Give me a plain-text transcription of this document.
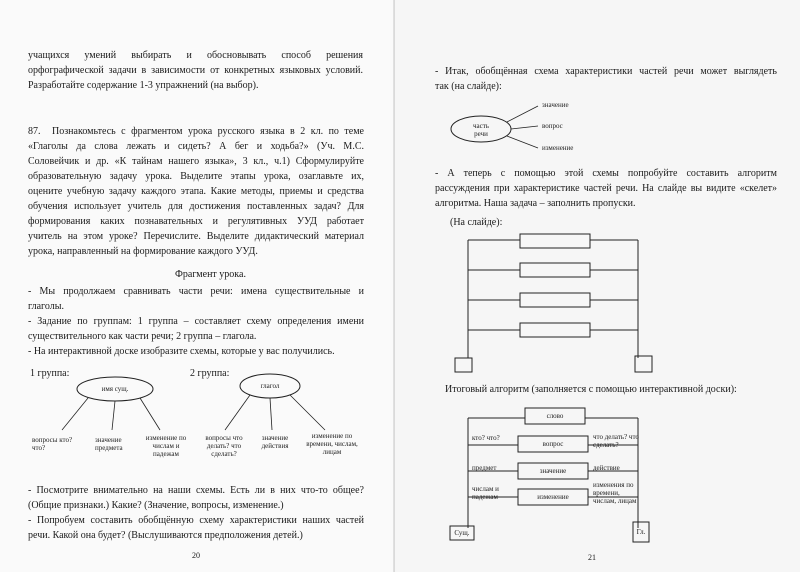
учащихся умений выбирать и обосновывать способ решения
орфографической задачи в зависимости от конкретных языковых условий.
Разработайте содержание 1-3 упражнений (на выбор).
87. Познакомьтесь с фрагментом урока русского языка в 2 кл. по теме
«Глаголы да слова лежать и сидеть? А бег и ходьба?» (Уч. М.С.
Соловейчик и др. «К тайнам нашего языка», 3 кл., ч.1) Сформулируйте
образовательную задачу урока. Выделите этапы урока, озаглавьте их,
оцените учебную задачу каждого этапа. Какие методы, приемы и средства
обучения использует учитель для достижения поставленных задач? Для
формирования каких познавательных и регулятивных УУД работает
учитель на этом уроке? Перечислите. Выделите дидактический материал
урока, направленный на формирование каждого УУД.
Фрагмент урока.
- Мы продолжаем сравнивать части речи: имена существительные и
глаголы.
- Задание по группам: 1 группа – составляет схему определения имени
существительного как части речи; 2 группа – глагола.
- На интерактивной доске изобразите схемы, которые у вас получились.
1 группа:	2 группа:
имя сущ.	глагол
вопросы кто? что?
значение предмета
изменение по числам и падежам
вопросы что делать? что сделать?
значение действия
изменение по времени, числам, лицам
- Посмотрите внимательно на наши схемы. Есть ли в них что-то общее?
(Общие признаки.) Какие? (Значение, вопросы, изменение.)
- Попробуем составить обобщённую схему характеристики наших частей
речи. Какой она будет? (Выслушиваются предположения детей.)
20
- Итак, обобщённая схема характеристики частей речи может выглядеть
так (на слайде):
часть
речи
значение
вопрос
изменение
- А теперь с помощью этой схемы попробуйте составить алгоритм
рассуждения при характеристике частей речи. На слайде вы видите «скелет»
алгоритма. Наша задача – заполнить пропуски.
(На слайде):
Итоговый алгоритм (заполняется с помощью интерактивной доски):
слово
вопрос
значение
изменение
кто? что?
предмет
числам и падежам
что делать? что сделать?
действие
изменения по
времени, числам, лицам
Сущ.	Гл.
21
